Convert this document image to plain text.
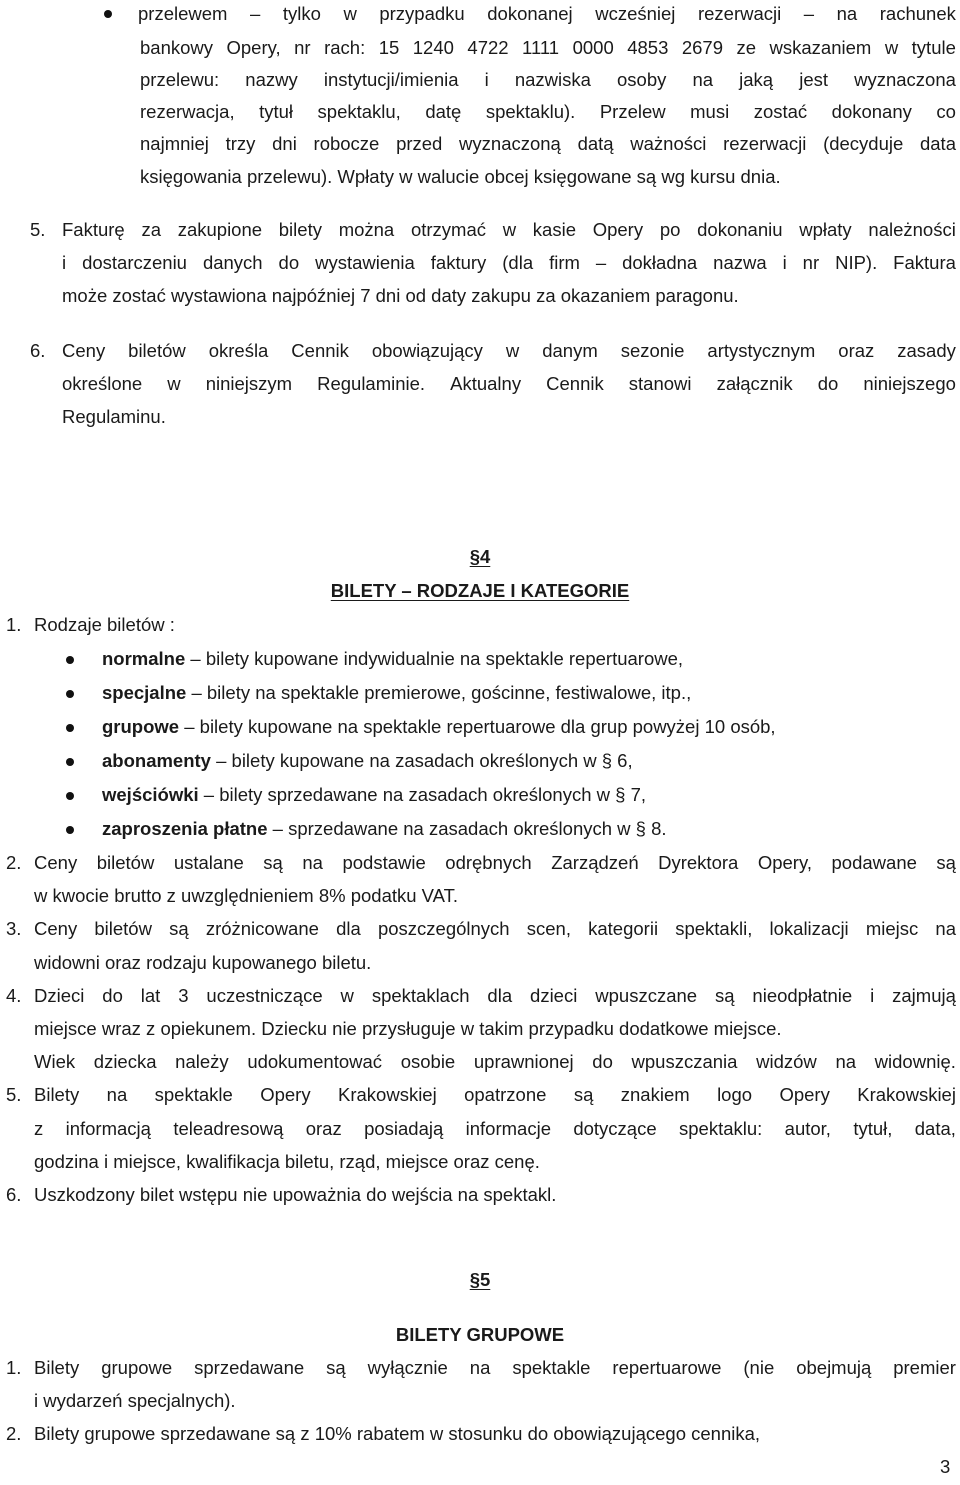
przelewem – tylko w przypadku dokonanej wcześniej rezerwacji – na rachunek
bankowy Opery, nr rach: 15 1240 4722 1111 0000 4853 2679 ze wskazaniem w tytule
przelewu: nazwy instytucji/imienia i nazwiska osoby na jaką jest wyznaczona
rezerwacja, tytuł spektaklu, datę spektaklu). Przelew musi zostać dokonany co
najmniej trzy dni robocze przed wyznaczoną datą ważności rezerwacji (decyduje data
księgowania przelewu). Wpłaty w walucie obcej księgowane są wg kursu dnia.
5. Fakturę za zakupione bilety można otrzymać w kasie Opery po dokonaniu wpłaty należności
i dostarczeniu danych do wystawienia faktury (dla firm – dokładna nazwa i nr NIP). Faktura
może zostać wystawiona najpóźniej 7 dni od daty zakupu za okazaniem paragonu.
6. Ceny biletów określa Cennik obowiązujący w danym sezonie artystycznym oraz zasady
określone w niniejszym Regulaminie. Aktualny Cennik stanowi załącznik do niniejszego
Regulaminu.
§4
BILETY – RODZAJE I KATEGORIE
1. Rodzaje biletów :
normalne – bilety kupowane indywidualnie na spektakle repertuarowe,
specjalne – bilety na spektakle premierowe, gościnne, festiwalowe, itp.,
grupowe – bilety kupowane na spektakle repertuarowe dla grup powyżej 10 osób,
abonamenty – bilety kupowane na zasadach określonych w § 6,
wejściówki – bilety sprzedawane na zasadach określonych w § 7,
zaproszenia płatne – sprzedawane na zasadach określonych w § 8.
2. Ceny biletów ustalane są na podstawie odrębnych Zarządzeń Dyrektora Opery, podawane są
w kwocie brutto z uwzględnieniem 8% podatku VAT.
3. Ceny biletów są zróżnicowane dla poszczególnych scen, kategorii spektakli, lokalizacji miejsc na
widowni oraz rodzaju kupowanego biletu.
4. Dzieci do lat 3 uczestniczące w spektaklach dla dzieci wpuszczane są nieodpłatnie i zajmują
miejsce wraz z opiekunem. Dziecku nie przysługuje w takim przypadku dodatkowe miejsce.
Wiek dziecka należy udokumentować osobie uprawnionej do wpuszczania widzów na widownię.
5. Bilety na spektakle Opery Krakowskiej opatrzone są znakiem logo Opery Krakowskiej
z informacją teleadresową oraz posiadają informacje dotyczące spektaklu: autor, tytuł, data,
godzina i miejsce, kwalifikacja biletu, rząd, miejsce oraz cenę.
6. Uszkodzony bilet wstępu nie upoważnia do wejścia na spektakl.
§5
BILETY GRUPOWE
1. Bilety grupowe sprzedawane są wyłącznie na spektakle repertuarowe (nie obejmują premier
i wydarzeń specjalnych).
2. Bilety grupowe sprzedawane są z 10% rabatem w stosunku do obowiązującego cennika,
3
